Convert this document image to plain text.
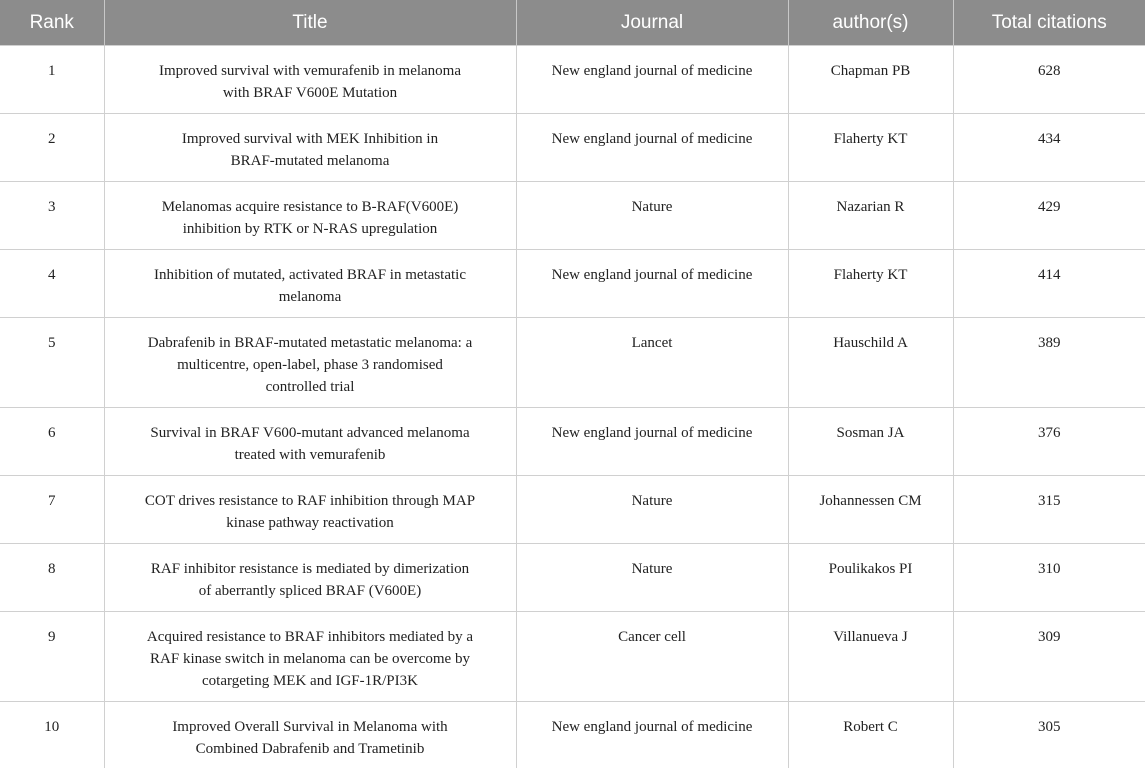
Rank	Title	Journal	author(s)	Total citations
1	Improved survival with vemurafenib in melanoma
with BRAF V600E Mutation	New england journal of medicine	Chapman PB	628
2	Improved survival with MEK Inhibition in
BRAF-mutated melanoma	New england journal of medicine	Flaherty KT	434
3	Melanomas acquire resistance to B-RAF(V600E)
inhibition by RTK or N-RAS upregulation	Nature	Nazarian R	429
4	Inhibition of mutated, activated BRAF in metastatic
melanoma	New england journal of medicine	Flaherty KT	414
5	Dabrafenib in BRAF-mutated metastatic melanoma: a
multicentre, open-label, phase 3 randomised
controlled trial	Lancet	Hauschild A	389
6	Survival in BRAF V600-mutant advanced melanoma
treated with vemurafenib	New england journal of medicine	Sosman JA	376
7	COT drives resistance to RAF inhibition through MAP
kinase pathway reactivation	Nature	Johannessen CM	315
8	RAF inhibitor resistance is mediated by dimerization
of aberrantly spliced BRAF (V600E)	Nature	Poulikakos PI	310
9	Acquired resistance to BRAF inhibitors mediated by a
RAF kinase switch in melanoma can be overcome by
cotargeting MEK and IGF-1R/PI3K	Cancer cell	Villanueva J	309
10	Improved Overall Survival in Melanoma with
Combined Dabrafenib and Trametinib	New england journal of medicine	Robert C	305
